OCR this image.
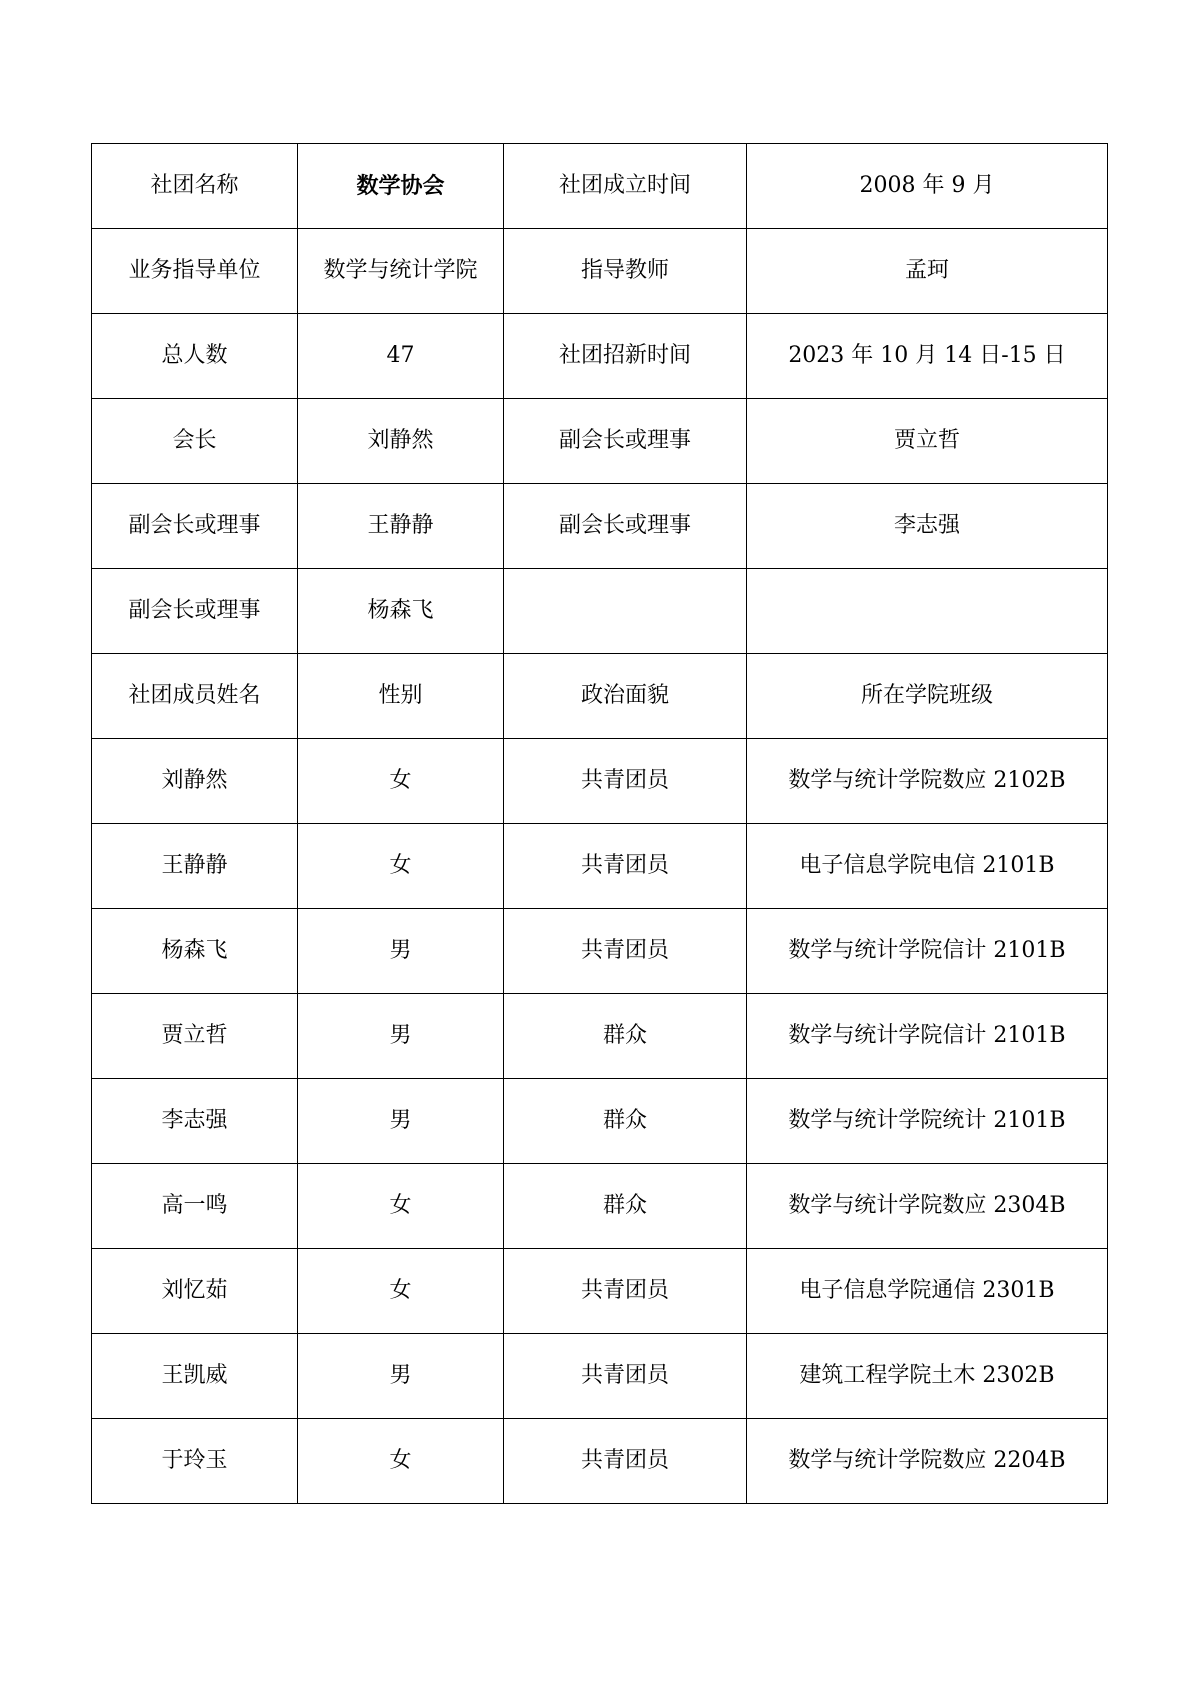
社团名称	数学协会	社团成立时间	2008 年 9 月
业务指导单位	数学与统计学院	指导教师	孟珂
总人数	47	社团招新时间	2023 年 10 月 14 日-15 日
会长	刘静然	副会长或理事	贾立哲
副会长或理事	王静静	副会长或理事	李志强
副会长或理事	杨森飞		
社团成员姓名	性别	政治面貌	所在学院班级
刘静然	女	共青团员	数学与统计学院数应 2102B
王静静	女	共青团员	电子信息学院电信 2101B
杨森飞	男	共青团员	数学与统计学院信计 2101B
贾立哲	男	群众	数学与统计学院信计 2101B
李志强	男	群众	数学与统计学院统计 2101B
高一鸣	女	群众	数学与统计学院数应 2304B
刘忆茹	女	共青团员	电子信息学院通信 2301B
王凯威	男	共青团员	建筑工程学院土木 2302B
于玲玉	女	共青团员	数学与统计学院数应 2204B
